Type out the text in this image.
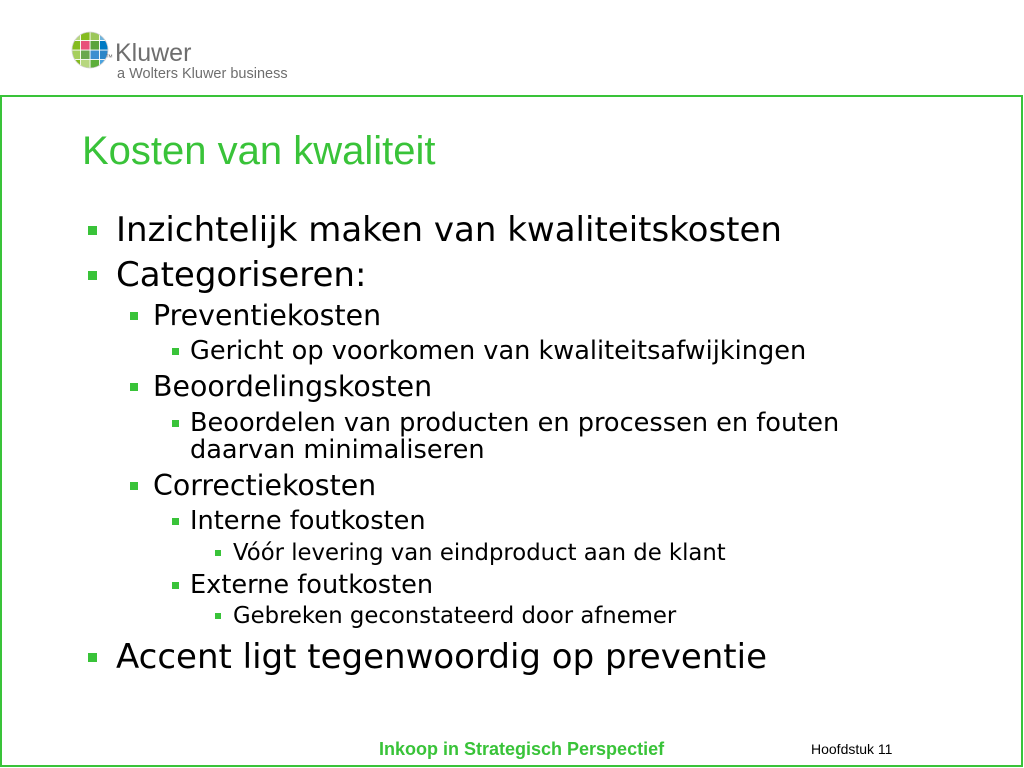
™ Kluwer
a Wolters Kluwer business
Kosten van kwaliteit
Inzichtelijk maken van kwaliteitskosten
Categoriseren:
Preventiekosten
Gericht op voorkomen van kwaliteitsafwijkingen
Beoordelingskosten
Beoordelen van producten en processen en fouten daarvan minimaliseren
Correctiekosten
Interne foutkosten
Vóór levering van eindproduct aan de klant
Externe foutkosten
Gebreken geconstateerd door afnemer
Accent ligt tegenwoordig op preventie
Inkoop in Strategisch Perspectief	Hoofdstuk 11
